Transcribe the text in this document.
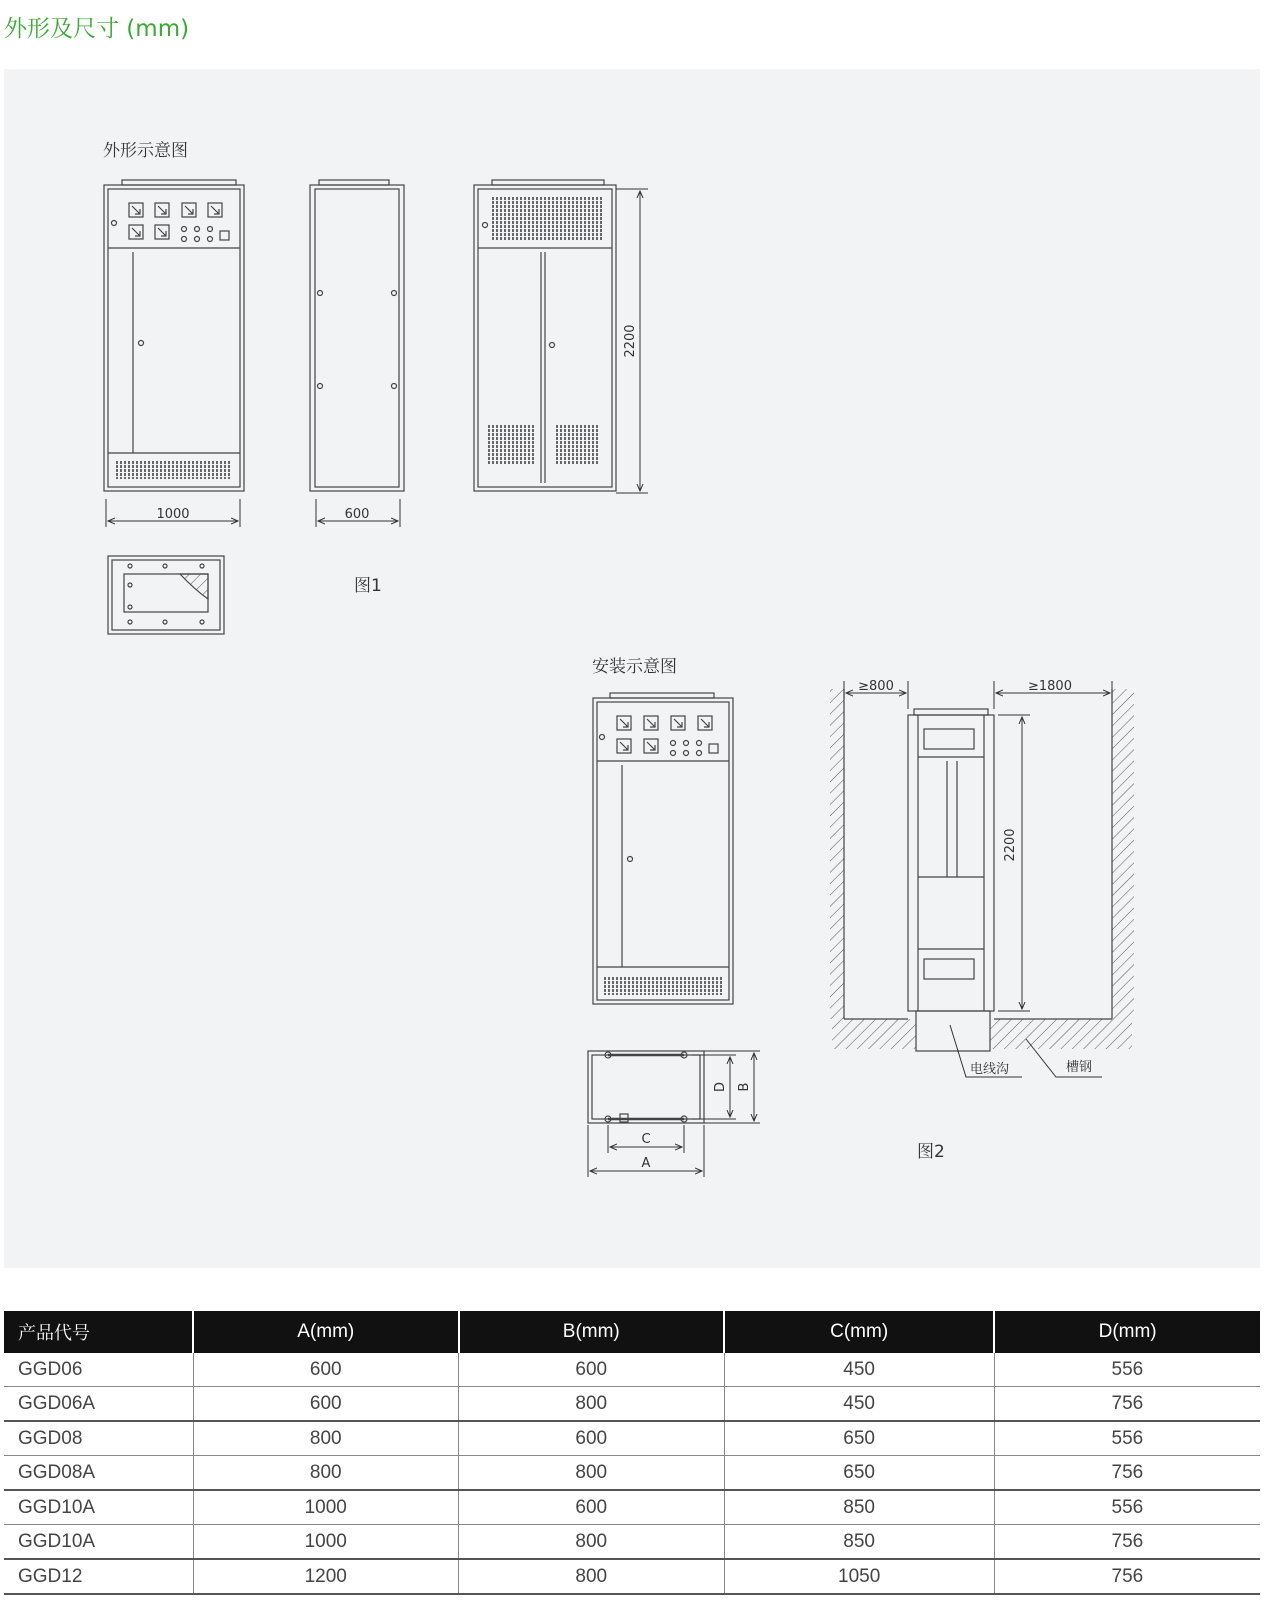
外形及尺寸 (mm)
外形示意图
1000	600
2200
图1
安装示意图
≥800	≥1800
2200
电线沟	槽钢
B
D
C
A
图2
产品代号	A(mm)	B(mm)	C(mm)	D(mm)
GGD06	600	600	450	556
GGD06A	600	800	450	756
GGD08	800	600	650	556
GGD08A	800	800	650	756
GGD10A	1000	600	850	556
GGD10A	1000	800	850	756
GGD12	1200	800	1050	756
